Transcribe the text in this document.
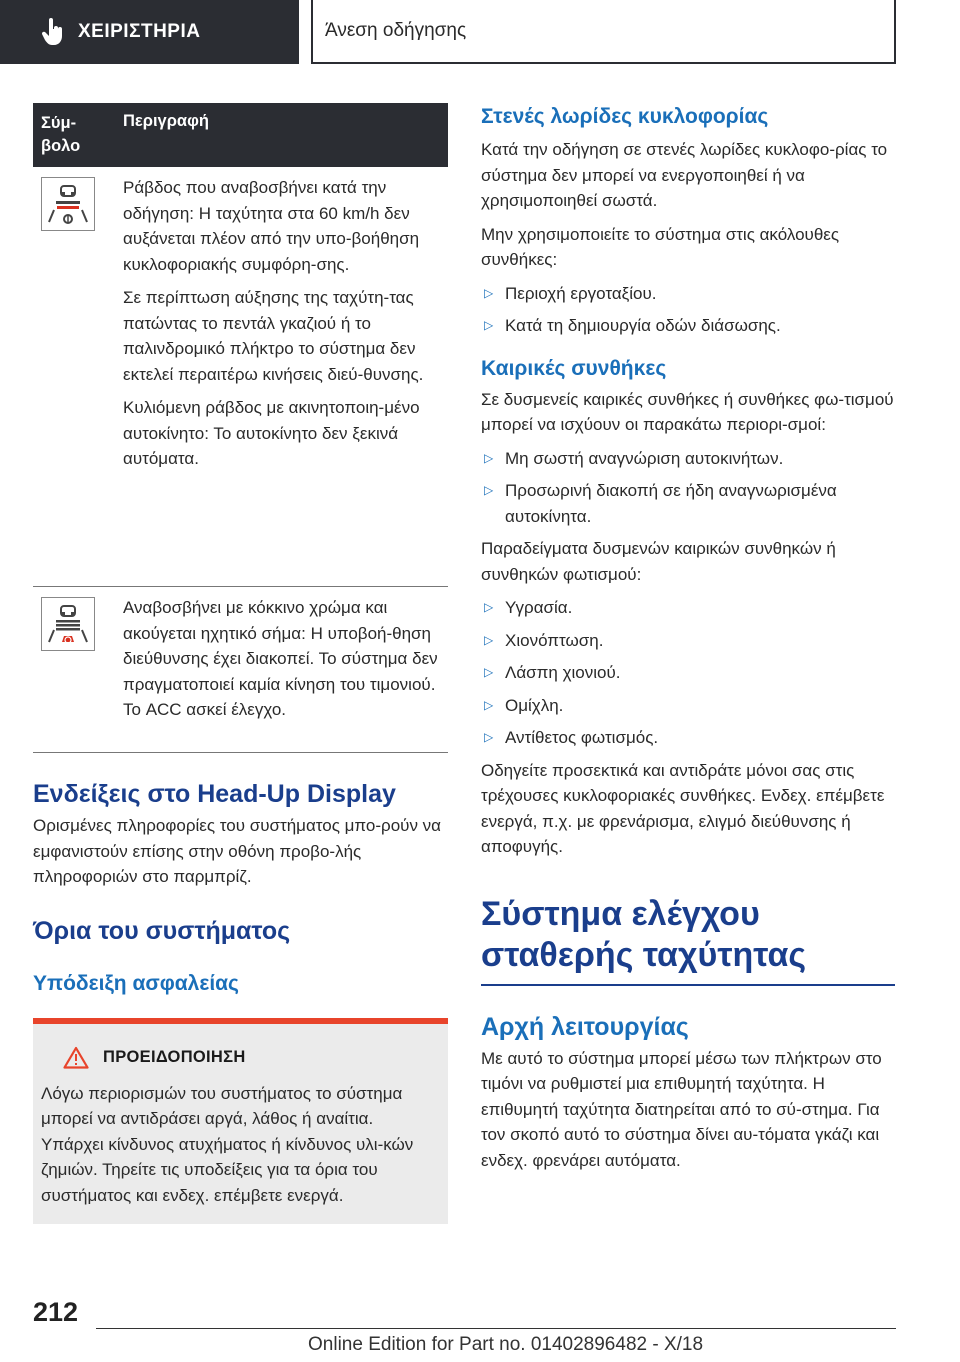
ΧΕΙΡΙΣΤΗΡΙΑ	Άνεση οδήγησης
Σύμ-
βολο
Περιγραφή

Ράβδος που αναβοσβήνει κατά την οδήγηση: Η ταχύτητα στα 60 km/h δεν αυξάνεται πλέον από την υπο-βοήθηση κυκλοφοριακής συμφόρη-σης.

Σε περίπτωση αύξησης της ταχύτη-τας πατώντας το πεντάλ γκαζιού ή το παλινδρομικό πλήκτρο το σύστημα δεν εκτελεί περαιτέρω κινήσεις διεύ-θυνσης.

Κυλιόμενη ράβδος με ακινητοποιη-μένο αυτοκίνητο: Το αυτοκίνητο δεν ξεκινά αυτόματα.

Αναβοσβήνει με κόκκινο χρώμα και ακούγεται ηχητικό σήμα: Η υποβοή-θηση διεύθυνσης έχει διακοπεί. Το σύστημα δεν πραγματοποιεί καμία κίνηση του τιμονιού. Το ACC ασκεί έλεγχο.

Ενδείξεις στο Head-Up Display

Ορισμένες πληροφορίες του συστήματος μπο-ρούν να εμφανιστούν επίσης στην οθόνη προβο-λής πληροφοριών στο παρμπρίζ.

Όρια του συστήματος
Υπόδειξη ασφαλείας
ΠΡΟΕΙΔΟΠΟΙΗΣΗ

Λόγω περιορισμών του συστήματος το σύστημα μπορεί να αντιδράσει αργά, λάθος ή αναίτια. Υπάρχει κίνδυνος ατυχήματος ή κίνδυνος υλι-κών ζημιών. Τηρείτε τις υποδείξεις για τα όρια του συστήματος και ενδεχ. επέμβετε ενεργά.

Στενές λωρίδες κυκλοφορίας

Κατά την οδήγηση σε στενές λωρίδες κυκλοφο-ρίας το σύστημα δεν μπορεί να ενεργοποιηθεί ή να χρησιμοποιηθεί σωστά.

Μην χρησιμοποιείτε το σύστημα στις ακόλουθες συνθήκες:

▷ Περιοχή εργοταξίου.
▷ Κατά τη δημιουργία οδών διάσωσης.
Καιρικές συνθήκες

Σε δυσμενείς καιρικές συνθήκες ή συνθήκες φω-τισμού μπορεί να ισχύουν οι παρακάτω περιορι-σμοί:

▷ Μη σωστή αναγνώριση αυτοκινήτων.
▷ Προσωρινή διακοπή σε ήδη αναγνωρισμένα αυτοκίνητα.

Παραδείγματα δυσμενών καιρικών συνθηκών ή συνθηκών φωτισμού:

▷ Υγρασία.
▷ Χιονόπτωση.
▷ Λάσπη χιονιού.
▷ Ομίχλη.
▷ Αντίθετος φωτισμός.

Οδηγείτε προσεκτικά και αντιδράτε μόνοι σας στις τρέχουσες κυκλοφοριακές συνθήκες. Ενδεχ. επέμβετε ενεργά, π.χ. με φρενάρισμα, ελιγμό διεύθυνσης ή αποφυγής.

Σύστημα ελέγχου
σταθερής ταχύτητας
Αρχή λειτουργίας

Με αυτό το σύστημα μπορεί μέσω των πλήκτρων στο τιμόνι να ρυθμιστεί μια επιθυμητή ταχύτητα. Η επιθυμητή ταχύτητα διατηρείται από το σύ-στημα. Για τον σκοπό αυτό το σύστημα δίνει αυ-τόματα γκάζι και ενδεχ. φρενάρει αυτόματα.

212
Online Edition for Part no. 01402896482 - X/18
